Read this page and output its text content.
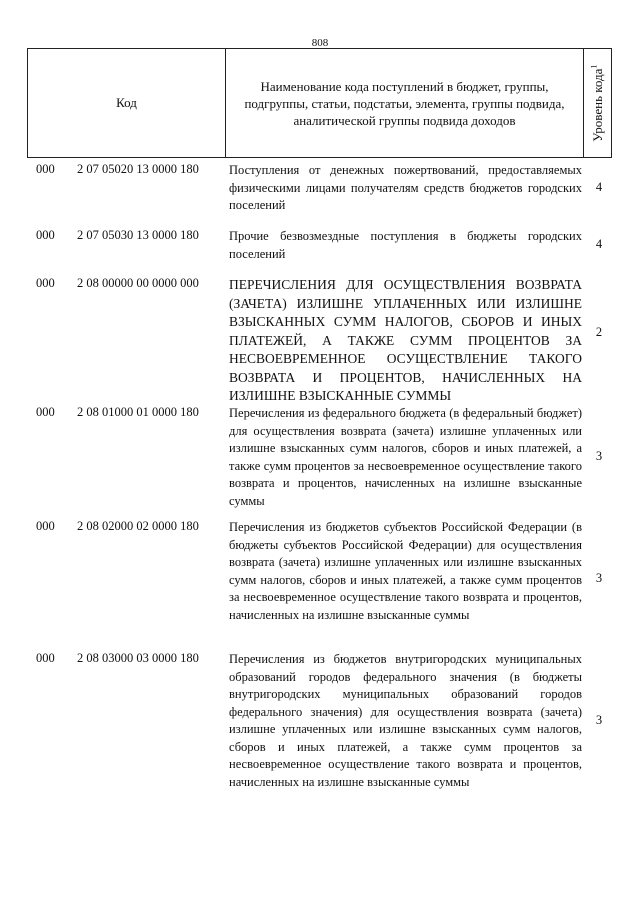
808
Код
Наименование кода поступлений в бюджет, группы, подгруппы, статьи, подстатьи, элемента, группы подвида, аналитической группы подвида доходов	Уровень кода$^1$
000 2 07 05020 13 0000 180 Поступления от денежных пожертвований, предоставляемых физическими лицами получателям средств бюджетов городских поселений
4
000 2 07 05030 13 0000 180 Прочие безвозмездные поступления в бюджеты городских поселений
4
000 2 08 00000 00 0000 000 ПЕРЕЧИСЛЕНИЯ ДЛЯ ОСУЩЕСТВЛЕНИЯ ВОЗВРАТА (ЗАЧЕТА) ИЗЛИШНЕ УПЛАЧЕННЫХ ИЛИ ИЗЛИШНЕ ВЗЫСКАННЫХ СУММ НАЛОГОВ, СБОРОВ И ИНЫХ ПЛАТЕЖЕЙ, А ТАКЖЕ СУММ ПРОЦЕНТОВ ЗА НЕСВОЕВРЕМЕННОЕ ОСУЩЕСТВЛЕНИЕ ТАКОГО ВОЗВРАТА И ПРОЦЕНТОВ, НАЧИСЛЕННЫХ НА ИЗЛИШНЕ ВЗЫСКАННЫЕ СУММЫ
2
000 2 08 01000 01 0000 180 Перечисления из федерального бюджета (в федеральный бюджет) для осуществления возврата (зачета) излишне уплаченных или излишне взысканных сумм налогов, сборов и иных платежей, а также сумм процентов за несвоевременное осуществление такого возврата и процентов, начисленных на излишне взысканные суммы
3
000 2 08 02000 02 0000 180 Перечисления из бюджетов субъектов Российской Федерации (в бюджеты субъектов Российской Федерации) для осуществления возврата (зачета) излишне уплаченных или излишне взысканных сумм налогов, сборов и иных платежей, а также сумм процентов за несвоевременное осуществление такого возврата и процентов, начисленных на излишне взысканные суммы
3
000 2 08 03000 03 0000 180 Перечисления из бюджетов внутригородских муниципальных образований городов федерального значения (в бюджеты внутригородских муниципальных образований городов федерального значения) для осуществления возврата (зачета) излишне уплаченных или излишне взысканных сумм налогов, сборов и иных платежей, а также сумм процентов за несвоевременное осуществление такого возврата и процентов, начисленных на излишне взысканные суммы
3
